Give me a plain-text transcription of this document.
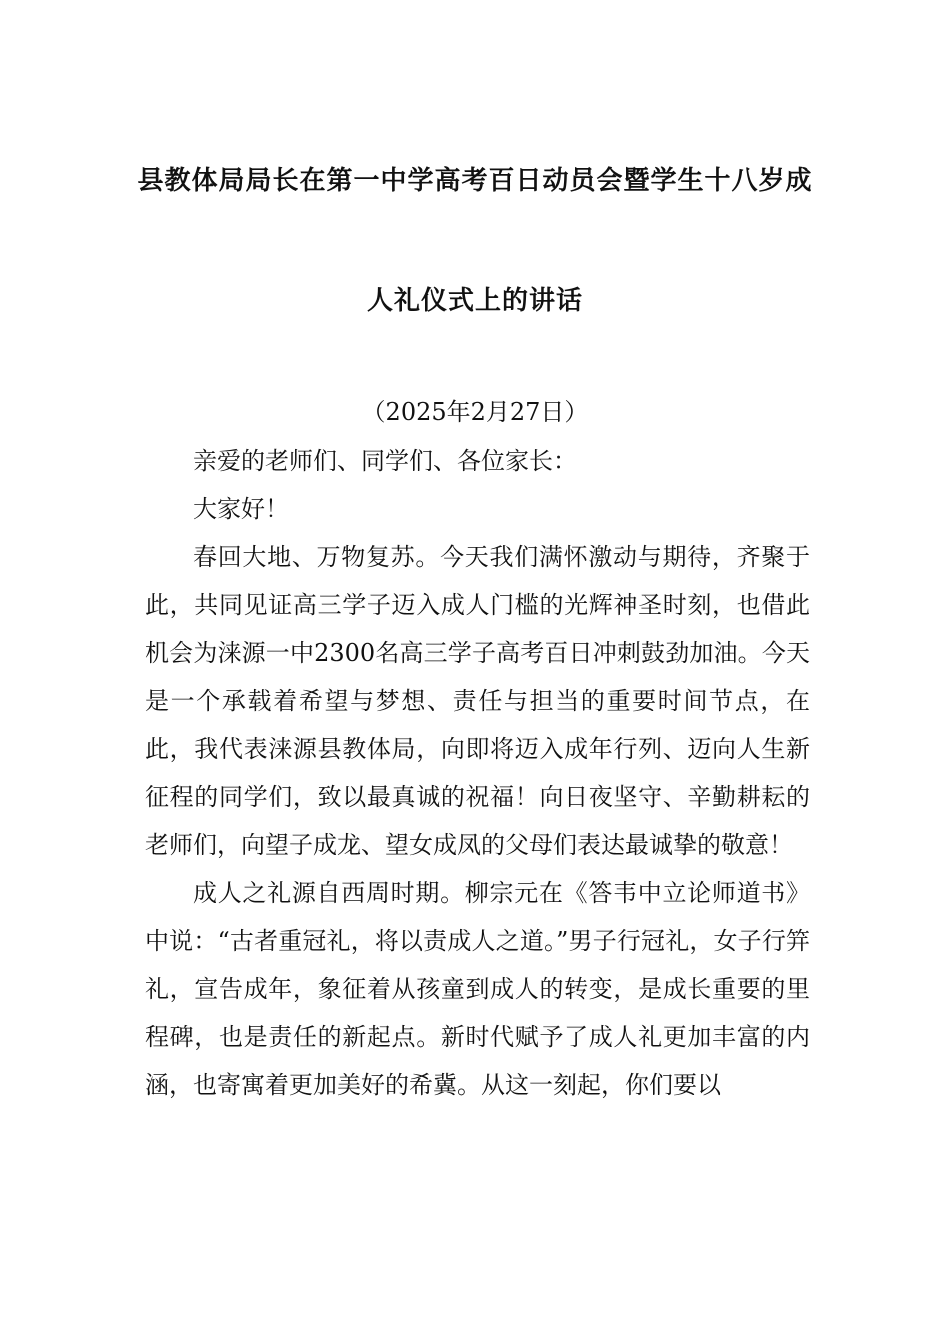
县教体局局长在第一中学高考百日动员会暨学生十八岁成
人礼仪式上的讲话
（2025年2月27日）

亲爱的老师们、同学们、各位家长：

大家好！

春回大地、万物复苏。今天我们满怀激动与期待，齐聚于此，共同见证高三学子迈入成人门槛的光辉神圣时刻，也借此机会为涞源一中2300名高三学子高考百日冲刺鼓劲加油。今天是一个承载着希望与梦想、责任与担当的重要时间节点，在此，我代表涞源县教体局，向即将迈入成年行列、迈向人生新征程的同学们，致以最真诚的祝福！向日夜坚守、辛勤耕耘的老师们，向望子成龙、望女成凤的父母们表达最诚挚的敬意！

成人之礼源自西周时期。柳宗元在《答韦中立论师道书》中说：“古者重冠礼，将以责成人之道。”男子行冠礼，女子行笄礼，宣告成年，象征着从孩童到成人的转变，是成长重要的里程碑，也是责任的新起点。新时代赋予了成人礼更加丰富的内涵，也寄寓着更加美好的希冀。从这一刻起，你们要以
